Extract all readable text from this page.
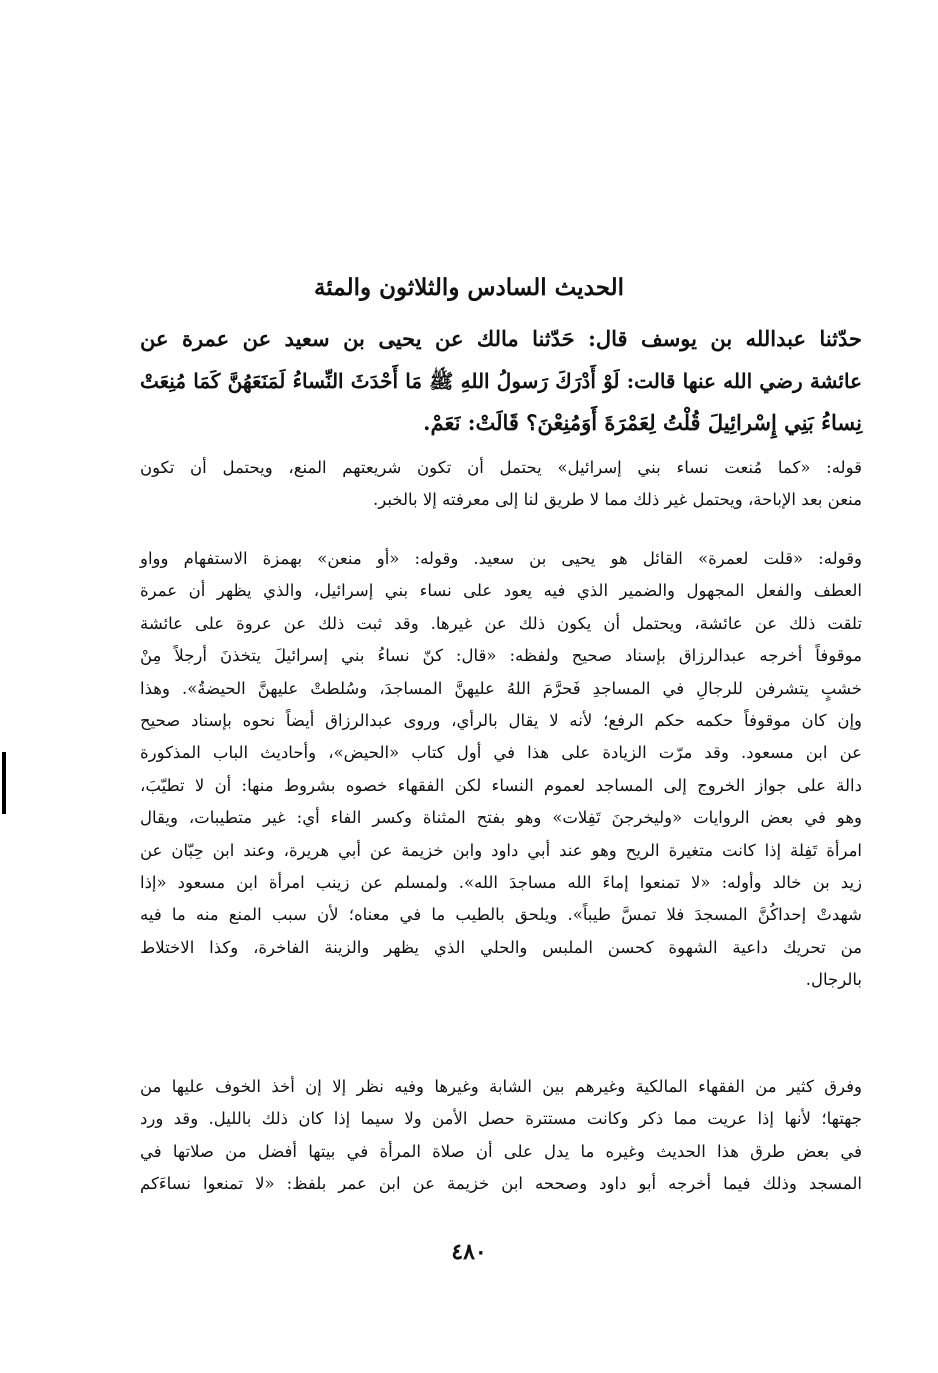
الحديث السادس والثلاثون والمئة
حدّثنا عبدالله بن يوسف قال: حَدّثنا مالك عن يحيى بن سعيد عن عمرة عن
عائشة رضي الله عنها قالت: لَوْ أَدْرَكَ رَسولُ اللهِ ﷺ مَا أَحْدَثَ النِّساءُ لَمَنَعَهُنَّ كَمَا مُنِعَتْ
نِساءُ بَنِي إِسْرائِيلَ قُلْتُ لِعَمْرَةَ أَوَمُنِعْنَ؟ قَالَتْ: نَعَمْ.
قوله: «كما مُنعت نساء بني إسرائيل» يحتمل أن تكون شريعتهم المنع، ويحتمل أن تكون
منعن بعد الإباحة، ويحتمل غير ذلك مما لا طريق لنا إلى معرفته إلا بالخبر.
وقوله: «قلت لعمرة» القائل هو يحيى بن سعيد. وقوله: «أو منعن» بهمزة الاستفهام وواو
العطف والفعل المجهول والضمير الذي فيه يعود على نساء بني إسرائيل، والذي يظهر أن عمرة
تلقت ذلك عن عائشة، ويحتمل أن يكون ذلك عن غيرها. وقد ثبت ذلك عن عروة على عائشة
موقوفاً أخرجه عبدالرزاق بإسناد صحيح ولفظه: «قال: كنّ نساءُ بني إسرائيلَ يتخذنَ أرجلاً مِنْ
خشبٍ يتشرفن للرجالِ في المساجدِ فَحرَّمَ اللهُ عليهنَّ المساجدَ، وسُلطتْ عليهنَّ الحيضةُ». وهذا
وإن كان موقوفاً حكمه حكم الرفع؛ لأنه لا يقال بالرأي، وروى عبدالرزاق أيضاً نحوه بإسناد صحيح
عن ابن مسعود. وقد مرّت الزيادة على هذا في أول كتاب «الحيض»، وأحاديث الباب المذكورة
دالة على جواز الخروج إلى المساجد لعموم النساء لكن الفقهاء خصوه بشروط منها: أن لا تطيّبَ،
وهو في بعض الروايات «وليخرجنَ تَفِلات» وهو بفتح المثناة وكسر الفاء أي: غير متطيبات، ويقال
امرأة تَفِلة إذا كانت متغيرة الريح وهو عند أبي داود وابن خزيمة عن أبي هريرة، وعند ابن حِبّان عن
زيد بن خالد وأوله: «لا تمنعوا إماءَ الله مساجدَ الله». ولمسلم عن زينب امرأة ابن مسعود «إذا
شهدتْ إحداكُنَّ المسجدَ فلا تمسَّ طيباً». ويلحق بالطيب ما في معناه؛ لأن سبب المنع منه ما فيه
من تحريك داعية الشهوة كحسن الملبس والحلي الذي يظهر والزينة الفاخرة، وكذا الاختلاط
بالرجال.
وفرق كثير من الفقهاء المالكية وغيرهم بين الشابة وغيرها وفيه نظر إلا إن أخذ الخوف عليها من
جهتها؛ لأنها إذا عريت مما ذكر وكانت مستترة حصل الأمن ولا سيما إذا كان ذلك بالليل. وقد ورد
في بعض طرق هذا الحديث وغيره ما يدل على أن صلاة المرأة في بيتها أفضل من صلاتها في
المسجد وذلك فيما أخرجه أبو داود وصححه ابن خزيمة عن ابن عمر بلفظ: «لا تمنعوا نساءَكم
٤٨٠
